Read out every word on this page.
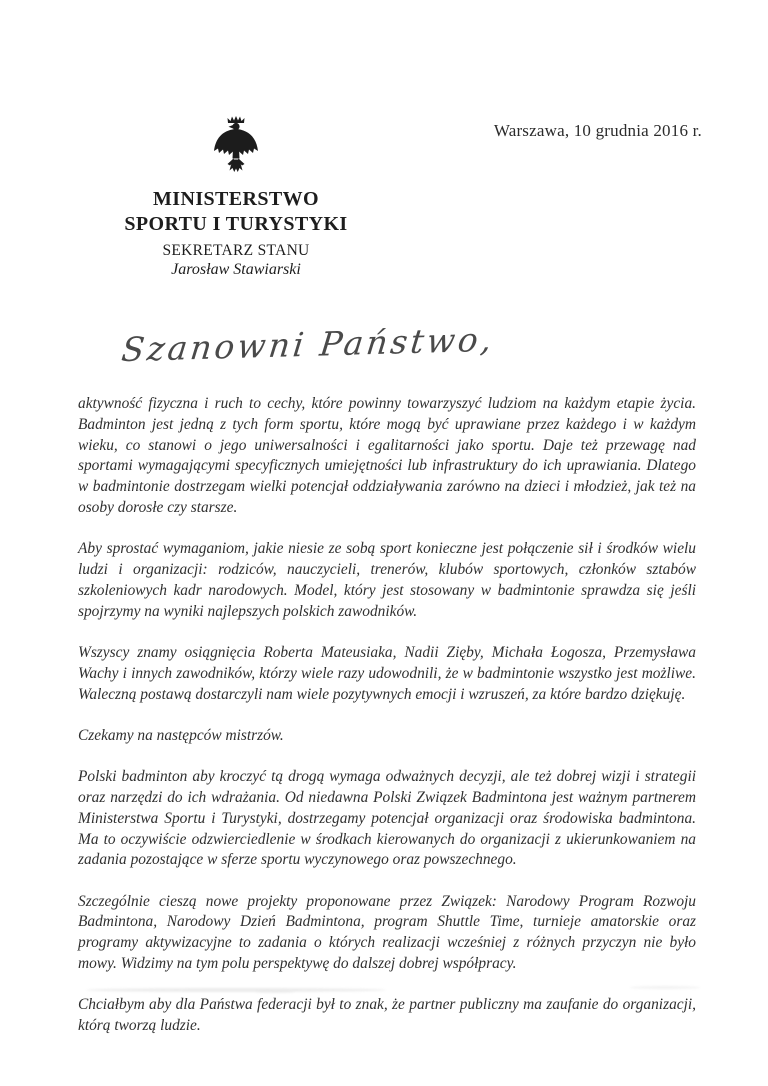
Warszawa, 10 grudnia 2016 r.
MINISTERSTWO
SPORTU I TURYSTYKI
SEKRETARZ STANU
Jarosław Stawiarski
Szanowni Państwo,

aktywność fizyczna i ruch to cechy, które powinny towarzyszyć ludziom na każdym etapie życia. Badminton jest jedną z tych form sportu, które mogą być uprawiane przez każdego i w każdym wieku, co stanowi o jego uniwersalności i egalitarności jako sportu. Daje też przewagę nad sportami wymagającymi specyficznych umiejętności lub infrastruktury do ich uprawiania. Dlatego w badmintonie dostrzegam wielki potencjał oddziaływania zarówno na dzieci i młodzież, jak też na osoby dorosłe czy starsze.

Aby sprostać wymaganiom, jakie niesie ze sobą sport konieczne jest połączenie sił i środków wielu ludzi i organizacji: rodziców, nauczycieli, trenerów, klubów sportowych, członków sztabów szkoleniowych kadr narodowych. Model, który jest stosowany w badmintonie sprawdza się jeśli spojrzymy na wyniki najlepszych polskich zawodników.

Wszyscy znamy osiągnięcia Roberta Mateusiaka, Nadii Zięby, Michała Łogosza, Przemysława Wachy i innych zawodników, którzy wiele razy udowodnili, że w badmintonie wszystko jest możliwe. Waleczną postawą dostarczyli nam wiele pozytywnych emocji i wzruszeń, za które bardzo dziękuję.

Czekamy na następców mistrzów.

Polski badminton aby kroczyć tą drogą wymaga odważnych decyzji, ale też dobrej wizji i strategii oraz narzędzi do ich wdrażania. Od niedawna Polski Związek Badmintona jest ważnym partnerem Ministerstwa Sportu i Turystyki, dostrzegamy potencjał organizacji oraz środowiska badmintona. Ma to oczywiście odzwierciedlenie w środkach kierowanych do organizacji z ukierunkowaniem na zadania pozostające w sferze sportu wyczynowego oraz powszechnego.

Szczególnie cieszą nowe projekty proponowane przez Związek: Narodowy Program Rozwoju Badmintona, Narodowy Dzień Badmintona, program Shuttle Time, turnieje amatorskie oraz programy aktywizacyjne to zadania o których realizacji wcześniej z różnych przyczyn nie było mowy. Widzimy na tym polu perspektywę do dalszej dobrej współpracy.

Chciałbym aby dla Państwa federacji był to znak, że partner publiczny ma zaufanie do organizacji, którą tworzą ludzie.
